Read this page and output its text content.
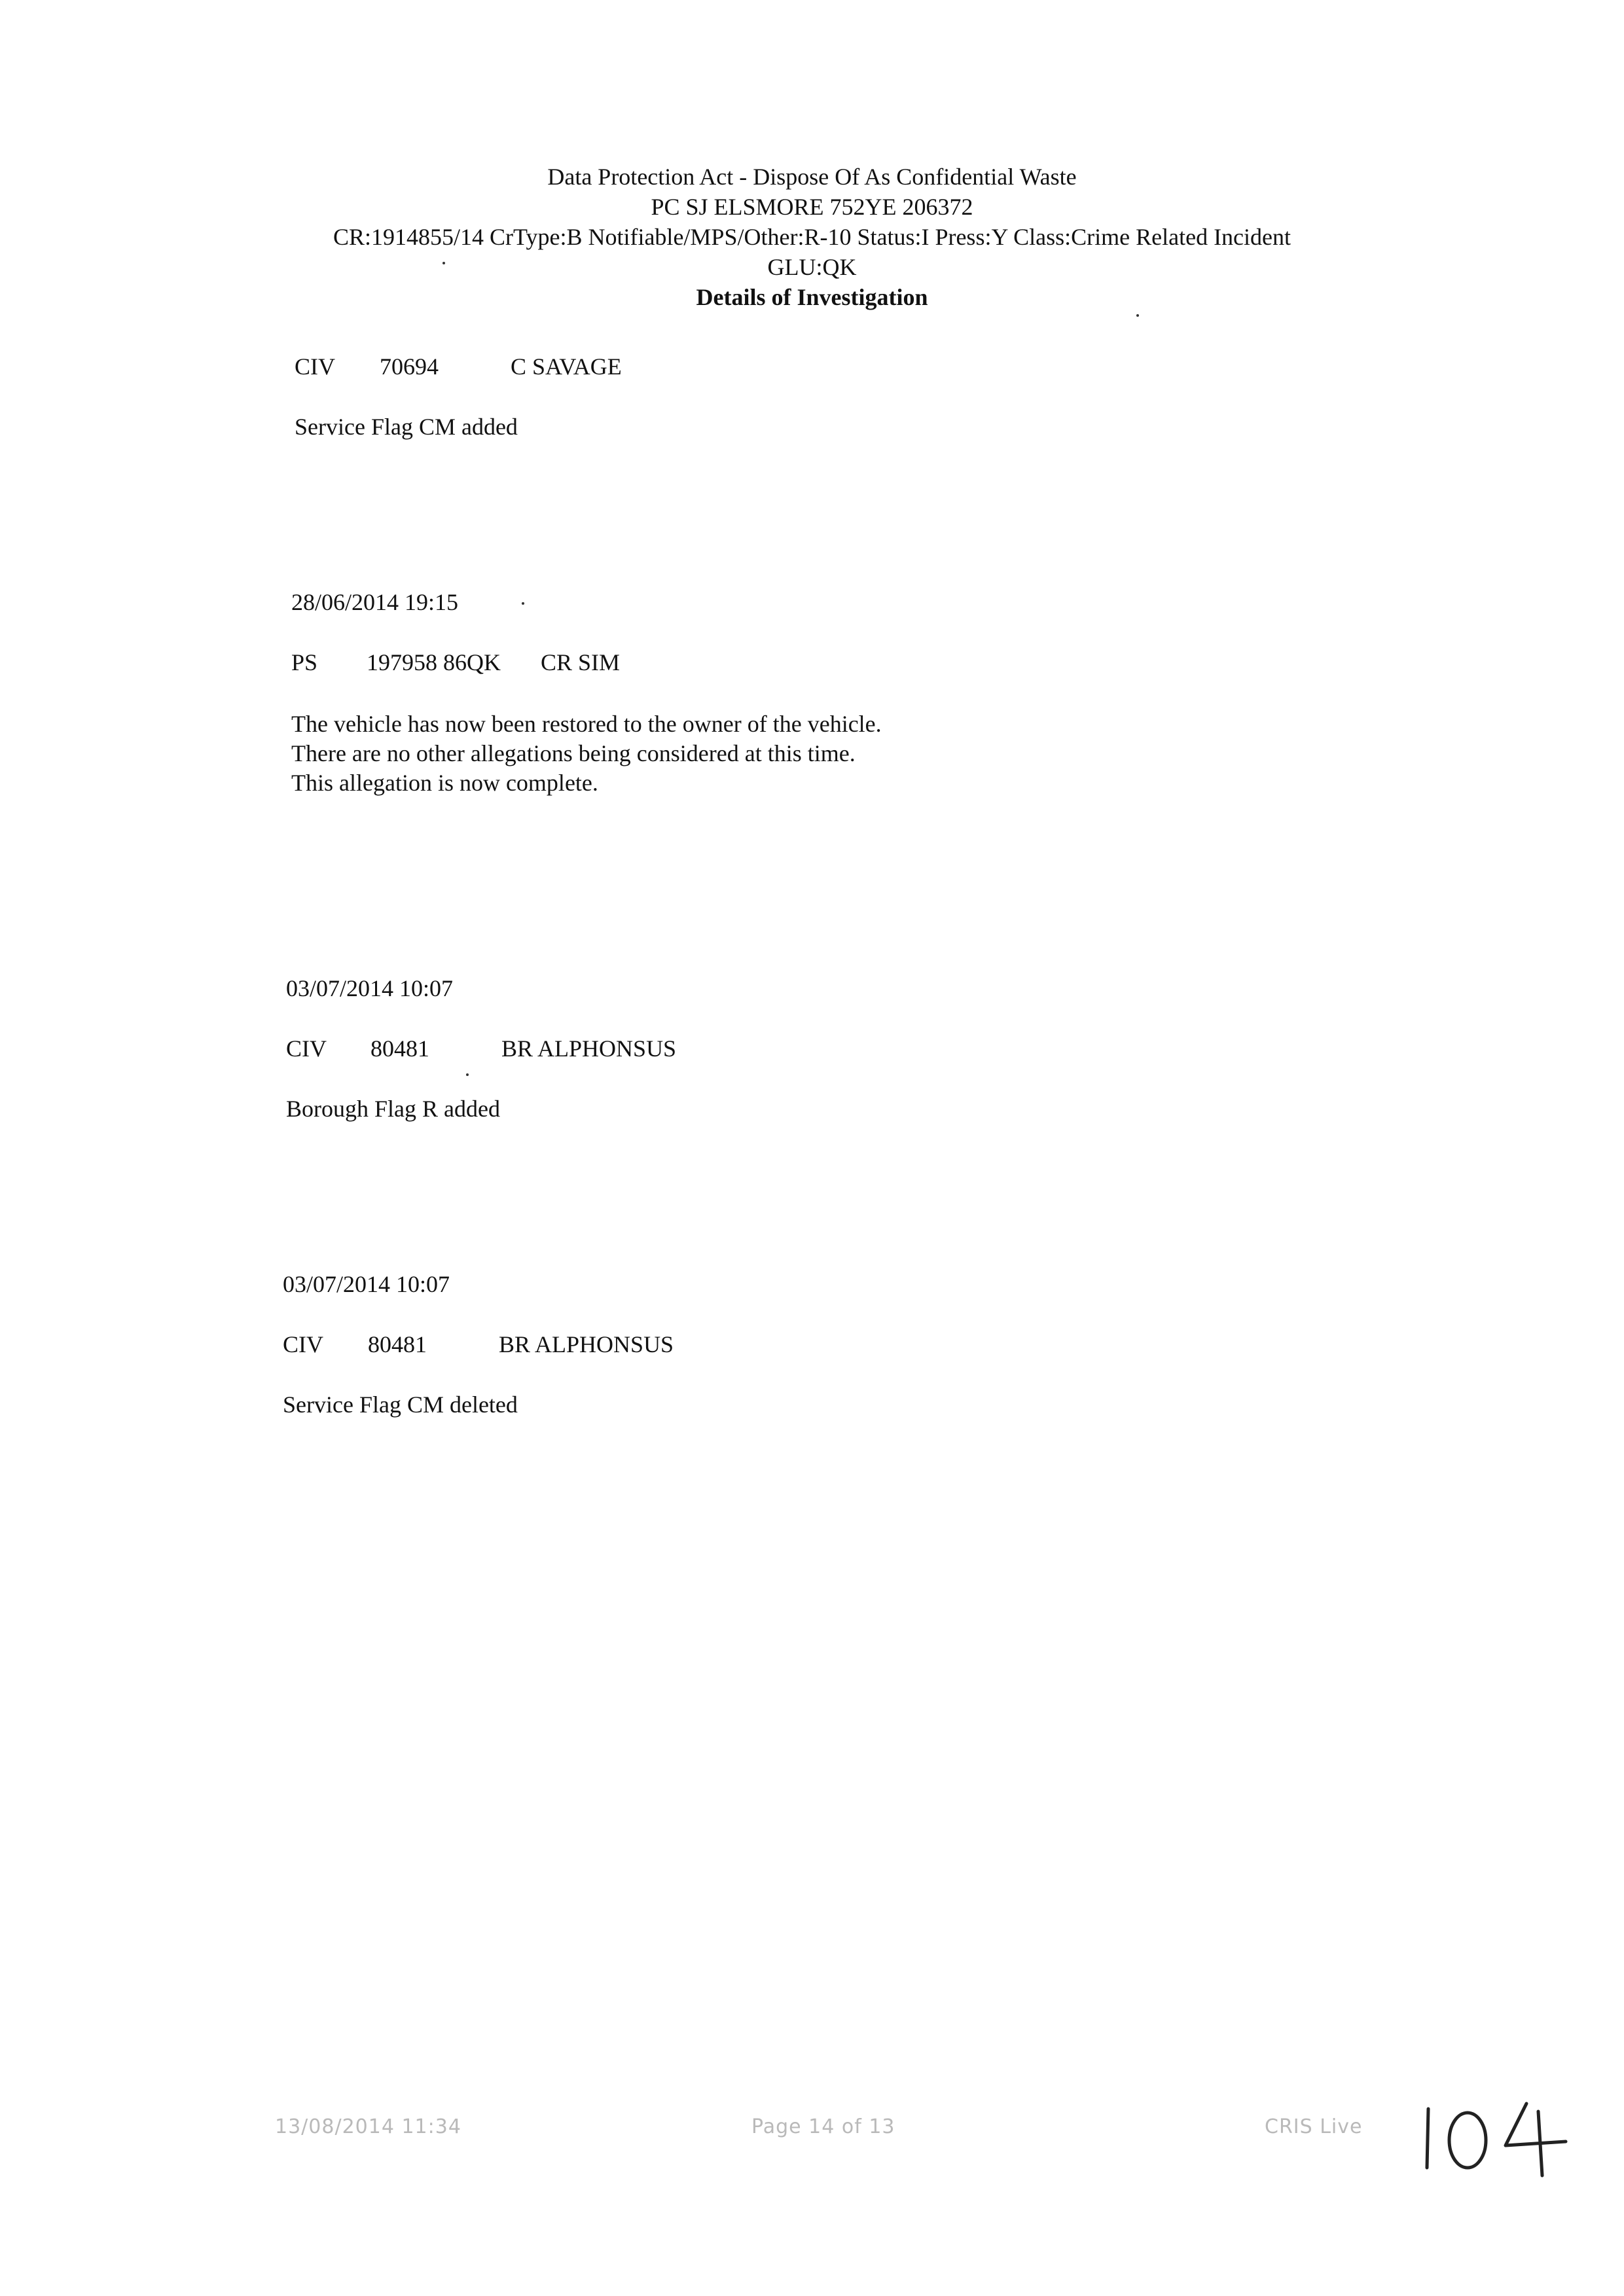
Data Protection Act - Dispose Of As Confidential Waste
PC SJ ELSMORE 752YE 206372
CR:1914855/14 CrType:B Notifiable/MPS/Other:R-10 Status:I Press:Y Class:Crime Related Incident
GLU:QK
Details of Investigation
CIV 70694	C SAVAGE
Service Flag CM added
28/06/2014 19:15
PS 197958 86QK CR SIM
The vehicle has now been restored to the owner of the vehicle.
There are no other allegations being considered at this time.
This allegation is now complete.
03/07/2014 10:07
CIV 80481	BR ALPHONSUS
Borough Flag R added
03/07/2014 10:07
CIV 80481	BR ALPHONSUS
Service Flag CM deleted
13/08/2014 11:34	Page 14 of 13	CRIS Live
